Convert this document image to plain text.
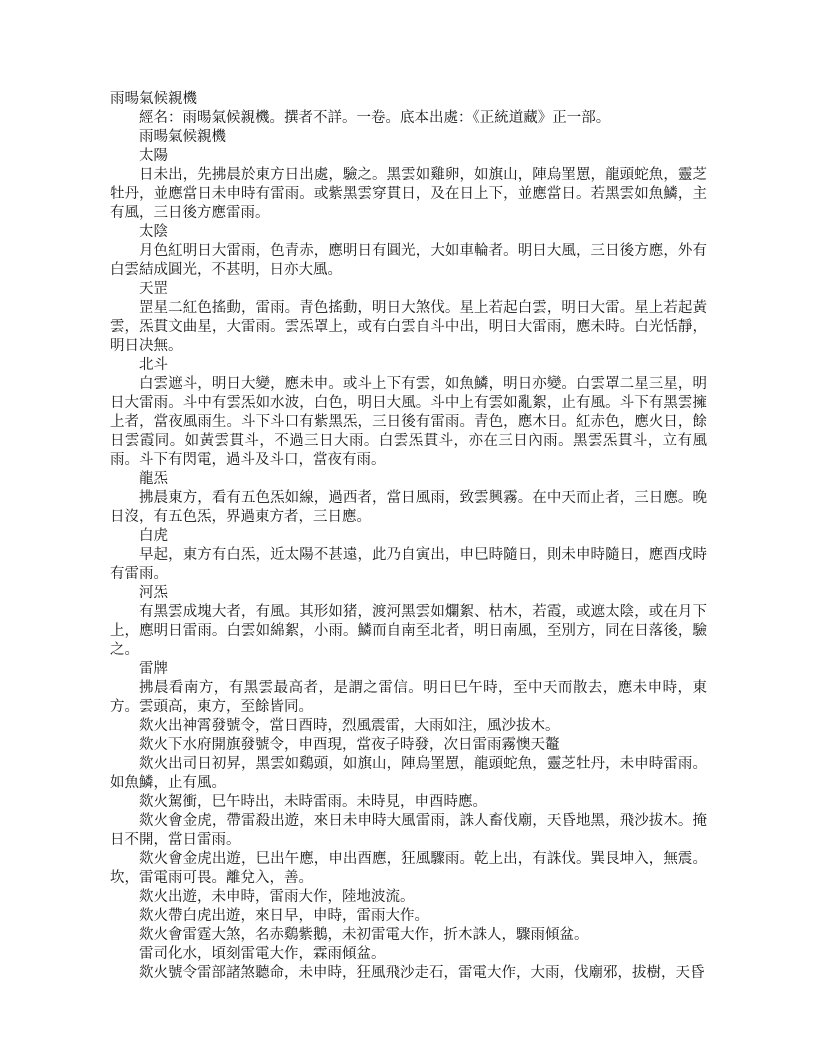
雨暘氣候親機

經名：雨暘氣候親機。撰者不詳。一卷。底本出處：《正統道藏》正一部。

雨暘氣候親機

太陽

日未出，先拂晨於東方日出處，驗之。黑雲如雞卵，如旗山，陣烏罣罳，龍頭蛇魚，靈芝牡丹，並應當日未申時有雷雨。或紫黑雲穿貫日，及在日上下，並應當日。若黑雲如魚鱗，主有風，三日後方應雷雨。

太陰

月色紅明日大雷雨，色青赤，應明日有圓光，大如車輪者。明日大風，三日後方應，外有白雲結成圓光，不甚明，日亦大風。

天罡

罡星二紅色搖動，雷雨。青色搖動，明日大煞伐。星上若起白雲，明日大雷。星上若起黃雲，炁貫文曲星，大雷雨。雲炁罩上，或有白雲自斗中出，明日大雷雨，應未時。白光恬靜，明日决無。

北斗

白雲遮斗，明日大變，應未申。或斗上下有雲，如魚鱗，明日亦變。白雲罩二星三星，明日大雷雨。斗中有雲炁如水波，白色，明日大風。斗中上有雲如亂絮，止有風。斗下有黑雲擁上者，當夜風雨生。斗下斗口有紫黑炁，三日後有雷雨。青色，應木日。紅赤色，應火日，餘日雲霞同。如黃雲貫斗，不過三日大雨。白雲炁貫斗，亦在三日內雨。黑雲炁貫斗，立有風雨。斗下有閃電，過斗及斗口，當夜有雨。

龍炁

拂晨東方，看有五色炁如線，過西者，當日風雨，致雲興霧。在中天而止者，三日應。晚日沒，有五色炁，界過東方者，三日應。

白虎

早起，東方有白炁，近太陽不甚遠，此乃自寅出，申巳時隨日，則未申時隨日，應酉戌時有雷雨。

河炁

有黑雲成塊大者，有風。其形如猪，渡河黑雲如爛絮、枯木，若霞，或遮太陰，或在月下上，應明日雷雨。白雲如綿絮，小雨。鱗而自南至北者，明日南風，至別方，同在日落後，驗之。

雷牌

拂晨看南方，有黑雲最高者，是謂之雷信。明日巳午時，至中天而散去，應未申時，東方。雲頭高，東方，至餘皆同。

欻火出神霄發號令，當日酉時，烈風震雷，大雨如注，風沙拔木。

欻火下水府開旗發號令，申酉現，當夜子時發，次日雷雨霧懊天鼇

欻火出司日初昇，黑雲如鷄頭，如旗山，陣烏罣罳，龍頭蛇魚，靈芝牡丹，未申時雷雨。如魚鱗，止有風。

欻火駕衝，巳午時出，未時雷雨。未時見，申酉時應。

欻火會金虎，帶雷殺出遊，來日未申時大風雷雨，誅人畜伐廟，天昏地黑，飛沙拔木。掩日不開，當日雷雨。

欻火會金虎出遊，巳出午應，申出酉應，狂風驟雨。乾上出，有誅伐。巽艮坤入，無震。坎，雷電雨可畏。離兌入，善。

欻火出遊，未申時，雷雨大作，陸地波流。

欻火帶白虎出遊，來日早，申時，雷雨大作。

欻火會雷霆大煞，名赤鷄紫鵝，未初雷電大作，折木誅人，驟雨傾盆。

雷司化水，頃刻雷電大作，霖雨傾盆。

欻火號令雷部諸煞聽命，未申時，狂風飛沙走石，雷電大作，大雨，伐廟邪，拔樹，天昏
